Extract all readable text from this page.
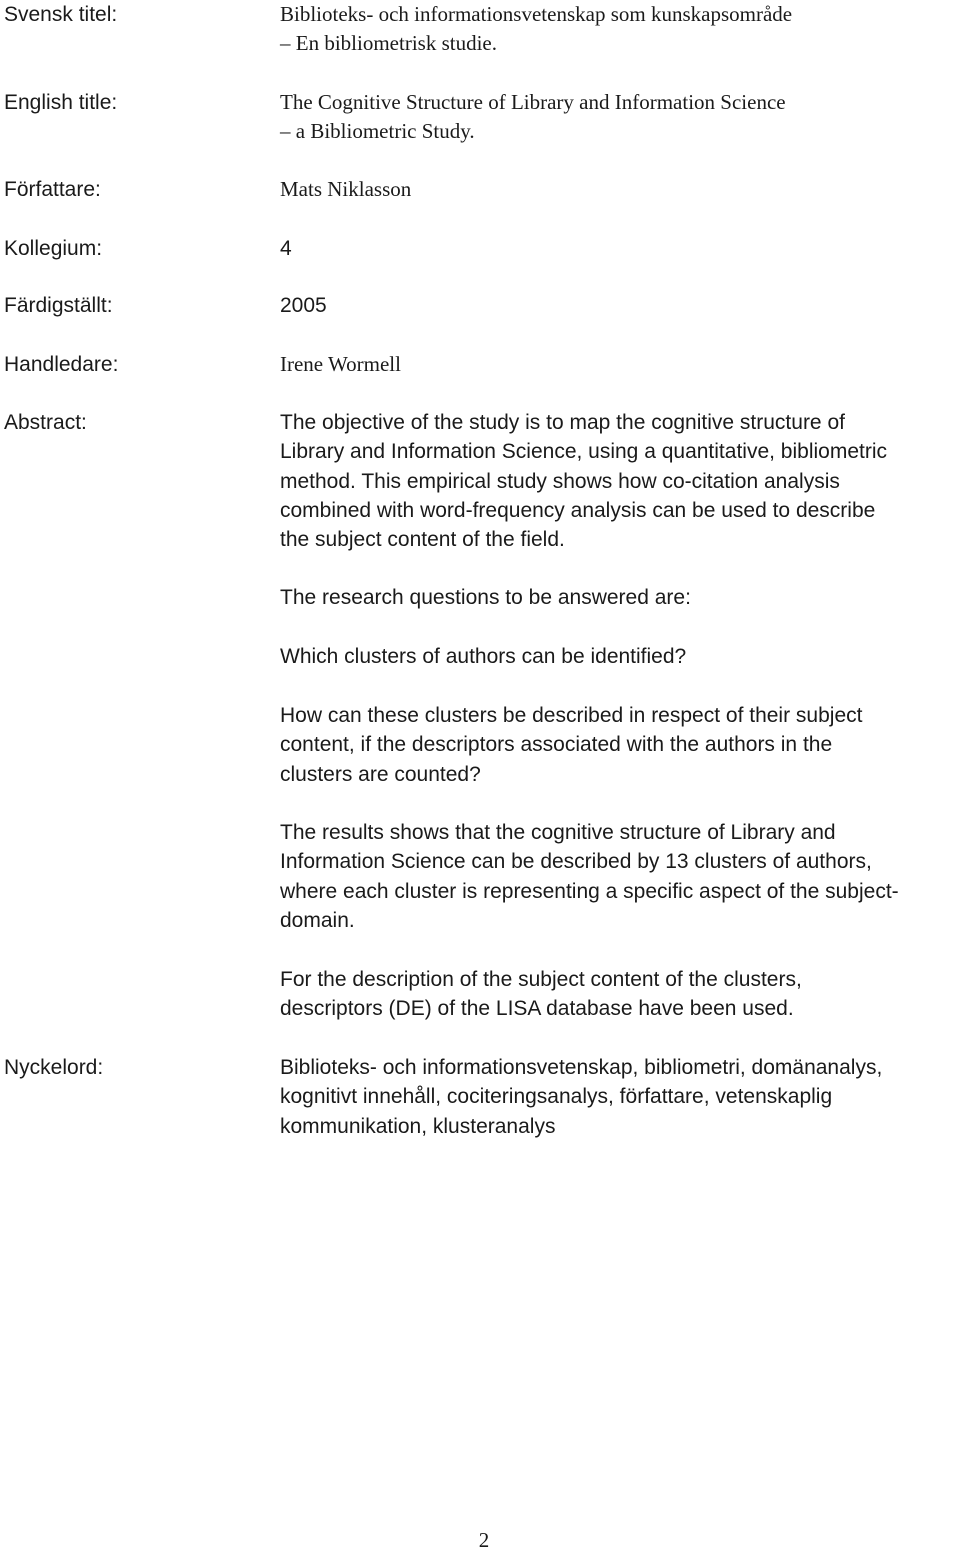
Svensk titel:	Biblioteks- och informationsvetenskap som kunskapsområde
– En bibliometrisk studie.
English title:	The Cognitive Structure of Library and Information Science
– a Bibliometric Study.
Författare:	Mats Niklasson
Kollegium:	4
Färdigställt:	2005
Handledare:	Irene Wormell
Abstract:	The objective of the study is to map the cognitive structure of
Library and Information Science, using a quantitative, bibliometric
method. This empirical study shows how co-citation analysis
combined with word-frequency analysis can be used to describe
the subject content of the field.
The research questions to be answered are:
Which clusters of authors can be identified?
How can these clusters be described in respect of their subject
content, if the descriptors associated with the authors in the
clusters are counted?
The results shows that the cognitive structure of Library and
Information Science can be described by 13 clusters of authors,
where each cluster is representing a specific aspect of the subject-
domain.
For the description of the subject content of the clusters,
descriptors (DE) of the LISA database have been used.
Nyckelord:	Biblioteks- och informationsvetenskap, bibliometri, domänanalys,
kognitivt innehåll, cociteringsanalys, författare, vetenskaplig
kommunikation, klusteranalys
2
